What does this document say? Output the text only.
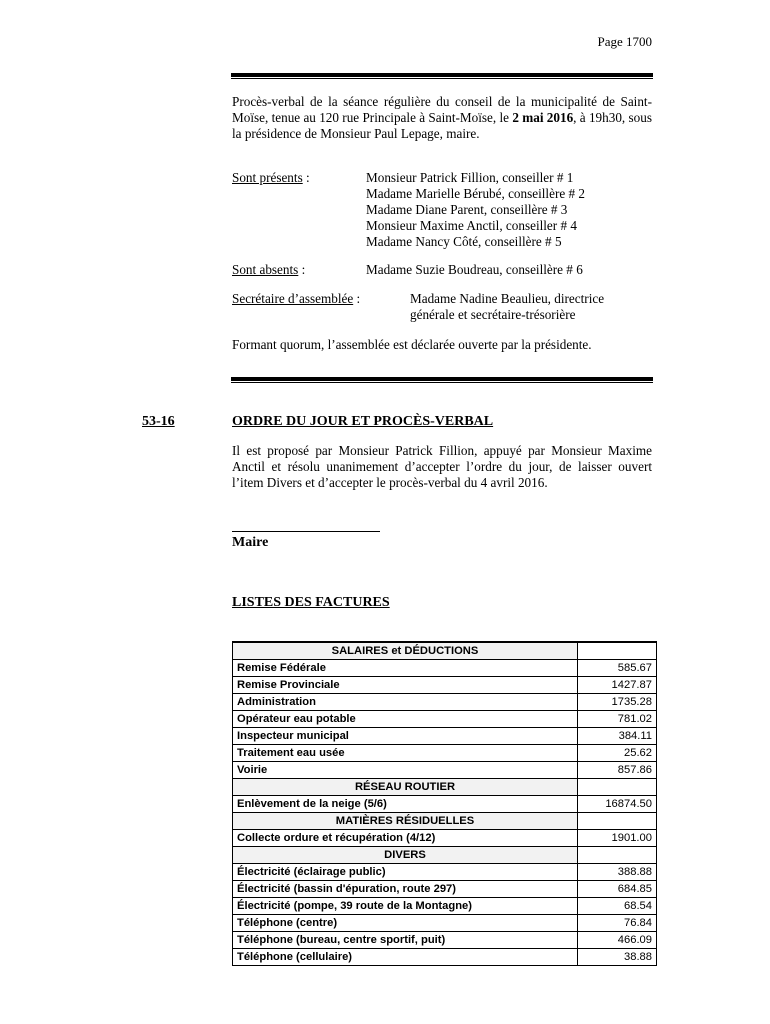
Page 1700
Procès-verbal de la séance régulière du conseil de la municipalité de Saint-Moïse, tenue au 120 rue Principale à Saint-Moïse, le 2 mai 2016, à 19h30, sous la présidence de Monsieur Paul Lepage, maire.
Sont présents :	Monsieur Patrick Fillion, conseiller # 1
Madame Marielle Bérubé, conseillère # 2
Madame Diane Parent, conseillère # 3
Monsieur Maxime Anctil, conseiller # 4
Madame Nancy Côté, conseillère # 5
Sont absents :	Madame Suzie Boudreau, conseillère # 6
Secrétaire d’assemblée :	Madame Nadine Beaulieu, directrice
générale et secrétaire-trésorière
Formant quorum, l’assemblée est déclarée ouverte par la présidente.
53-16	ORDRE DU JOUR ET PROCÈS-VERBAL
Il est proposé par Monsieur Patrick Fillion, appuyé par Monsieur Maxime Anctil et résolu unanimement d’accepter l’ordre du jour, de laisser ouvert l’item Divers et d’accepter le procès-verbal du 4 avril 2016.
Maire
LISTES DES FACTURES
SALAIRES et DÉDUCTIONS	
Remise Fédérale	585.67
Remise Provinciale	1427.87
Administration	1735.28
Opérateur eau potable	781.02
Inspecteur municipal	384.11
Traitement eau usée	25.62
Voirie	857.86
RÉSEAU ROUTIER	
Enlèvement de la neige (5/6)	16874.50
MATIÈRES RÉSIDUELLES	
Collecte ordure et récupération (4/12)	1901.00
DIVERS	
Électricité (éclairage public)	388.88
Électricité (bassin d'épuration, route 297)	684.85
Électricité (pompe, 39 route de la Montagne)	68.54
Téléphone (centre)	76.84
Téléphone (bureau, centre sportif, puit)	466.09
Téléphone (cellulaire)	38.88
